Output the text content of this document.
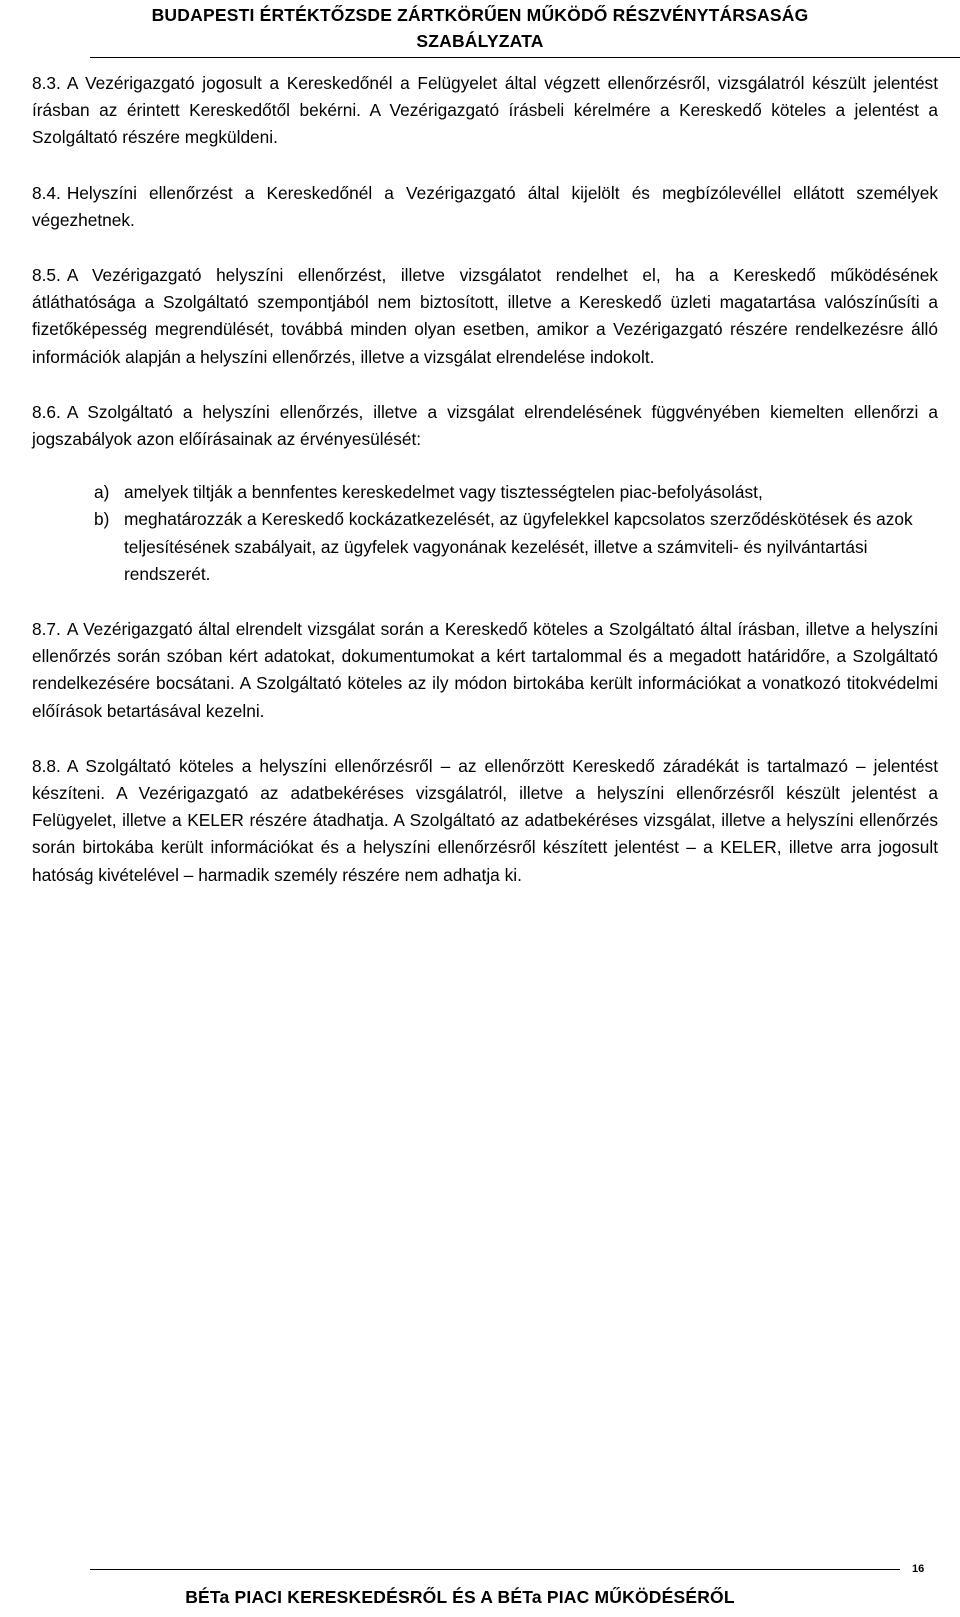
BUDAPESTI ÉRTÉKTŐZSDE ZÁRTKÖRŰEN MŰKÖDŐ RÉSZVÉNYTÁRSASÁG
SZABÁLYZATA

8.3. A Vezérigazgató jogosult a Kereskedőnél a Felügyelet által végzett ellenőrzésről, vizsgálatról készült jelentést írásban az érintett Kereskedőtől bekérni. A Vezérigazgató írásbeli kérelmére a Kereskedő köteles a jelentést a Szolgáltató részére megküldeni.

8.4. Helyszíni ellenőrzést a Kereskedőnél a Vezérigazgató által kijelölt és megbízólevéllel ellátott személyek végezhetnek.

8.5. A Vezérigazgató helyszíni ellenőrzést, illetve vizsgálatot rendelhet el, ha a Kereskedő működésének átláthatósága a Szolgáltató szempontjából nem biztosított, illetve a Kereskedő üzleti magatartása valószínűsíti a fizetőképesség megrendülését, továbbá minden olyan esetben, amikor a Vezérigazgató részére rendelkezésre álló információk alapján a helyszíni ellenőrzés, illetve a vizsgálat elrendelése indokolt.

8.6. A Szolgáltató a helyszíni ellenőrzés, illetve a vizsgálat elrendelésének függvényében kiemelten ellenőrzi a jogszabályok azon előírásainak az érvényesülését:

a) amelyek tiltják a bennfentes kereskedelmet vagy tisztességtelen piac-befolyásolást,
b) meghatározzák a Kereskedő kockázatkezelését, az ügyfelekkel kapcsolatos szerződéskötések és azok teljesítésének szabályait, az ügyfelek vagyonának kezelését, illetve a számviteli- és nyilvántartási rendszerét.

8.7. A Vezérigazgató által elrendelt vizsgálat során a Kereskedő köteles a Szolgáltató által írásban, illetve a helyszíni ellenőrzés során szóban kért adatokat, dokumentumokat a kért tartalommal és a megadott határidőre, a Szolgáltató rendelkezésére bocsátani. A Szolgáltató köteles az ily módon birtokába került információkat a vonatkozó titokvédelmi előírások betartásával kezelni.

8.8. A Szolgáltató köteles a helyszíni ellenőrzésről – az ellenőrzött Kereskedő záradékát is tartalmazó – jelentést készíteni. A Vezérigazgató az adatbekéréses vizsgálatról, illetve a helyszíni ellenőrzésről készült jelentést a Felügyelet, illetve a KELER részére átadhatja. A Szolgáltató az adatbekéréses vizsgálat, illetve a helyszíni ellenőrzés során birtokába került információkat és a helyszíni ellenőrzésről készített jelentést – a KELER, illetve arra jogosult hatóság kivételével – harmadik személy részére nem adhatja ki.

BÉTa PIACI KERESKEDÉSRŐL ÉS A BÉTa PIAC MŰKÖDÉSÉRŐL
16
